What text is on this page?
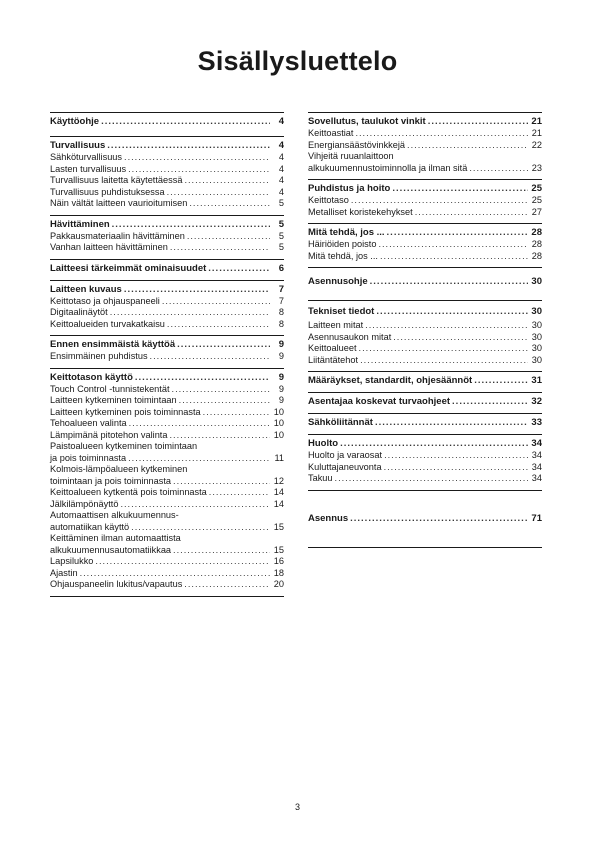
Sisällysluettelo
Käyttöohje .....	4
Turvallisuus .....	4
Sähköturvallisuus .....	4
Lasten turvallisuus .....	4
Turvallisuus laitetta käytettäessä .....	4
Turvallisuus puhdistuksessa .....	4
Näin vältät laitteen vaurioitumisen .....	5
Hävittäminen .....	5
Pakkausmateriaalin hävittäminen .....	5
Vanhan laitteen hävittäminen .....	5
Laitteesi tärkeimmät ominaisuudet .....	6
Laitteen kuvaus .....	7
Keittotaso ja ohjauspaneeli .....	7
Digitaalinäytöt .....	8
Keittoalueiden turvakatkaisu .....	8
Ennen ensimmäistä käyttöä .....	9
Ensimmäinen puhdistus .....	9
Keittotason käyttö .....	9
Touch Control -tunnistekentät .....	9
Laitteen kytkeminen toimintaan .....	9
Laitteen kytkeminen pois toiminnasta .....	10
Tehoalueen valinta .....	10
Lämpimänä pitotehon valinta .....	10
Paistoalueen kytkeminen toimintaan
ja pois toiminnasta .....	11
Kolmois-lämpöalueen kytkeminen
toimintaan ja pois toiminnasta .....	12
Keittoalueen kytkentä pois toiminnasta .....	14
Jälkilämpönäyttö .....	14
Automaattisen alkukuumennus-
automatiikan käyttö .....	15
Keittäminen ilman automaattista
alkukuumennusautomatiikkaa .....	15
Lapsilukko .....	16
Ajastin .....	18
Ohjauspaneelin lukitus/vapautus .....	20
Sovellutus, taulukot vinkit .....	21
Keittoastiat .....	21
Energiansäästövinkkejä .....	22
Vihjeitä ruuanlaittoon
alkukuumennustoiminnolla ja ilman sitä .....	23
Puhdistus ja hoito .....	25
Keittotaso .....	25
Metalliset koristekehykset .....	27
Mitä tehdä, jos ... .....	28
Häiriöiden poisto .....	28
Mitä tehdä, jos ... .....	28
Asennusohje .....	30
Tekniset tiedot .....	30
Laitteen mitat .....	30
Asennusaukon mitat .....	30
Keittoalueet .....	30
Liitäntätehot .....	30
Määräykset, standardit, ohjesäännöt .....	31
Asentajaa koskevat turvaohjeet .....	32
Sähköliitännät .....	33
Huolto .....	34
Huolto ja varaosat .....	34
Kuluttajaneuvonta .....	34
Takuu .....	34
Asennus .....	71
3
